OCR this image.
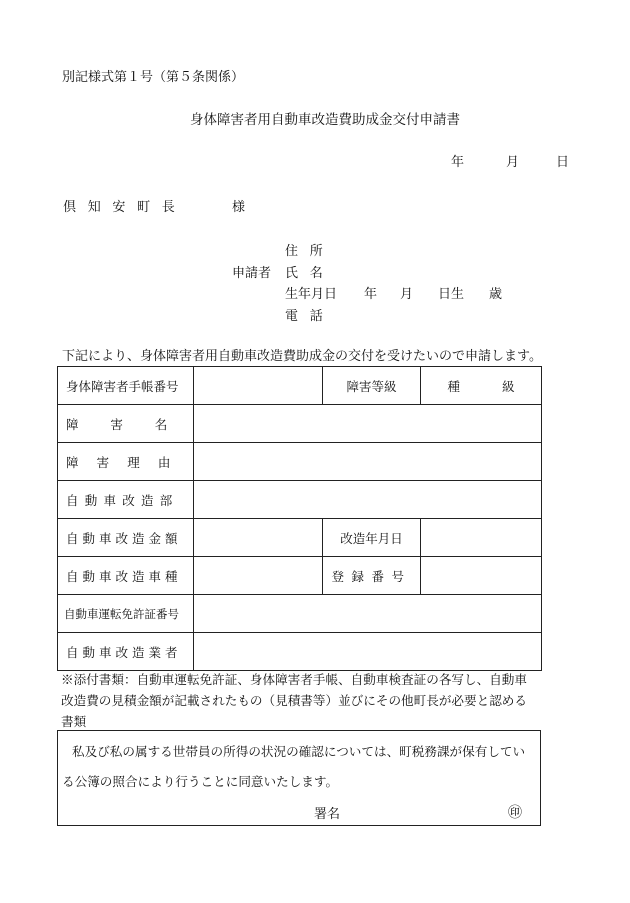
別記様式第１号（第５条関係）
身体障害者用自動車改造費助成金交付申請書
年	月	日
倶知安町長	様
申請者
住所
氏名
生年月日 年 月 日生 歳
電話
下記により、身体障害者用自動車改造費助成金の交付を受けたいので申請します。
身体障害者手帳番号		障害等級	種 級
障害名			
障害理由			
自動車改造部			
自動車改造金額		改造年月日	
自動車改造車種		登録番号	
自動車運転免許証番号			
自動車改造業者			
※添付書類：自動車運転免許証、身体障害者手帳、自動車検査証の各写し、自動車
改造費の見積金額が記載されたもの（見積書等）並びにその他町長が必要と認める
書類
私及び私の属する世帯員の所得の状況の確認については、町税務課が保有してい
る公簿の照合により行うことに同意いたします。
署名	㊞
